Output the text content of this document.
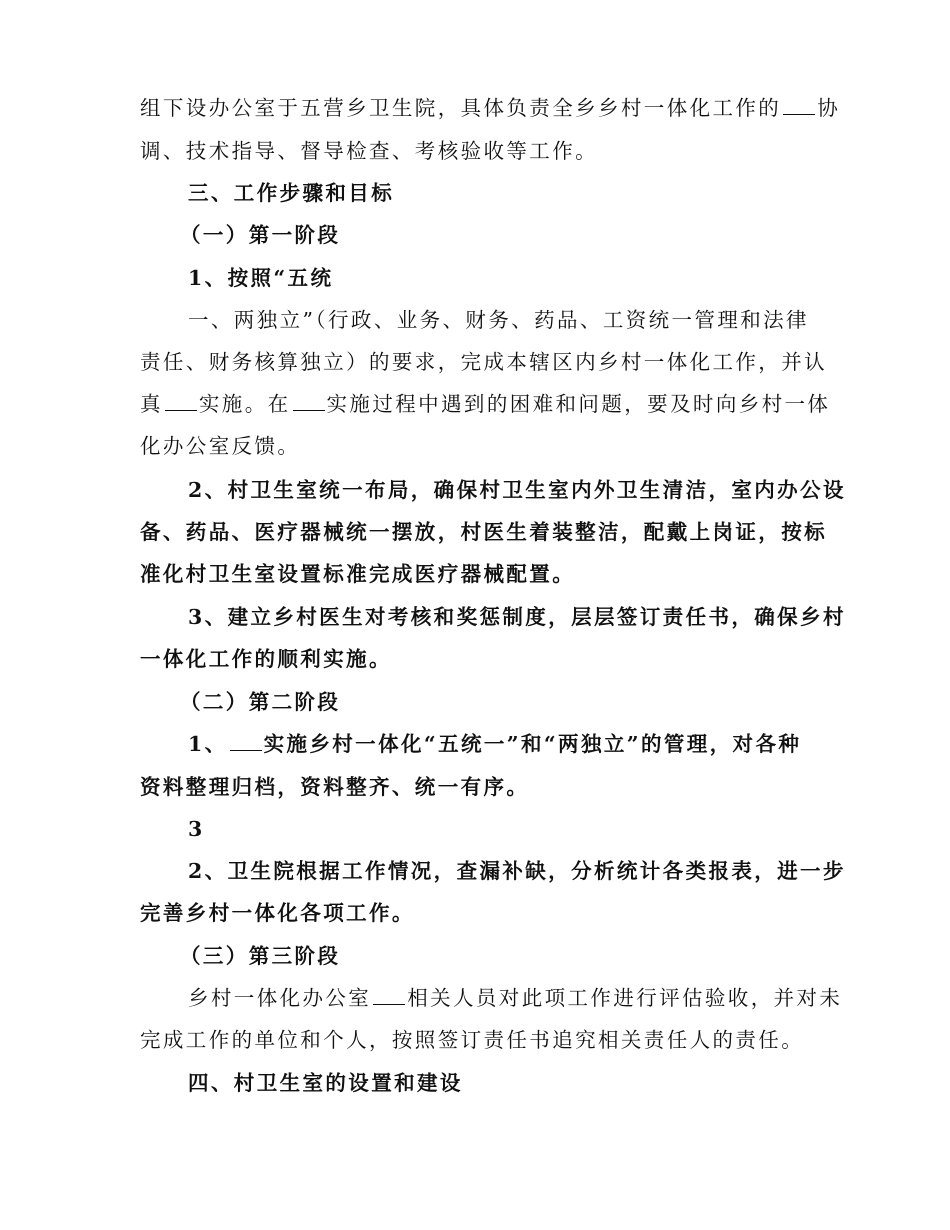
组下设办公室于五营乡卫生院，具体负责全乡乡村一体化工作的 协
调、技术指导、督导检查、考核验收等工作。
三、工作步骤和目标
（一）第一阶段
1、按照“五统
一、两独立”（行政、业务、财务、药品、工资统一管理和法律
责任、财务核算独立）的要求，完成本辖区内乡村一体化工作，并认
真 实施。在 实施过程中遇到的困难和问题，要及时向乡村一体
化办公室反馈。
2、村卫生室统一布局，确保村卫生室内外卫生清洁，室内办公设
备、药品、医疗器械统一摆放，村医生着装整洁，配戴上岗证，按标
准化村卫生室设置标准完成医疗器械配置。
3、建立乡村医生对考核和奖惩制度，层层签订责任书，确保乡村
一体化工作的顺利实施。
（二）第二阶段
1、 实施乡村一体化“五统一”和“两独立”的管理，对各种
资料整理归档，资料整齐、统一有序。
3
2、卫生院根据工作情况，查漏补缺，分析统计各类报表，进一步
完善乡村一体化各项工作。
（三）第三阶段
乡村一体化办公室 相关人员对此项工作进行评估验收，并对未
完成工作的单位和个人，按照签订责任书追究相关责任人的责任。
四、村卫生室的设置和建设
